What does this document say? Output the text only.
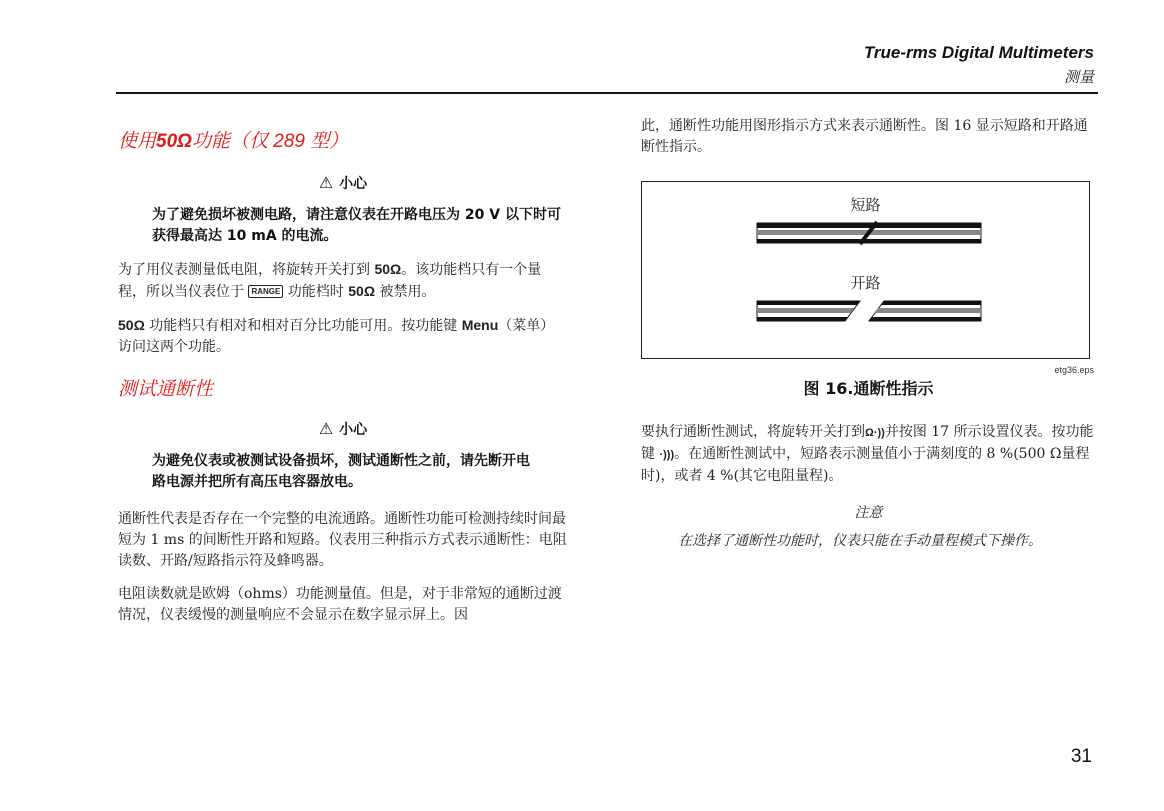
True-rms Digital Multimeters
测量
使用50Ω功能（仅 289 型）
⚠ 小心
为了避免损坏被测电路，请注意仪表在开路电压为 20 V 以下时可获得最高达 10 mA 的电流。

为了用仪表测量低电阻，将旋转开关打到 50Ω。该功能档只有一个量程，所以当仪表位于 RANGE 功能档时 50Ω 被禁用。

50Ω 功能档只有相对和相对百分比功能可用。按功能键 Menu（菜单）访问这两个功能。

测试通断性
⚠ 小心
为避免仪表或被测试设备损坏，测试通断性之前，请先断开电路电源并把所有高压电容器放电。

通断性代表是否存在一个完整的电流通路。通断性功能可检测持续时间最短为 1 ms 的间断性开路和短路。仪表用三种指示方式表示通断性：电阻读数、开路/短路指示符及蜂鸣器。

电阻读数就是欧姆（ohms）功能测量值。但是，对于非常短的通断过渡情况，仪表缓慢的测量响应不会显示在数字显示屏上。因

此，通断性功能用图形指示方式来表示通断性。图 16 显示短路和开路通断性指示。

短路
开路
etg36.eps
图 16.通断性指示

要执行通断性测试，将旋转开关打到Ω·))并按图 17 所示设置仪表。按功能键 ·)))。在通断性测试中，短路表示测量值小于满刻度的 8 %(500 Ω量程时)，或者 4 %(其它电阻量程)。

注意
在选择了通断性功能时，仪表只能在手动量程模式下操作。
31
